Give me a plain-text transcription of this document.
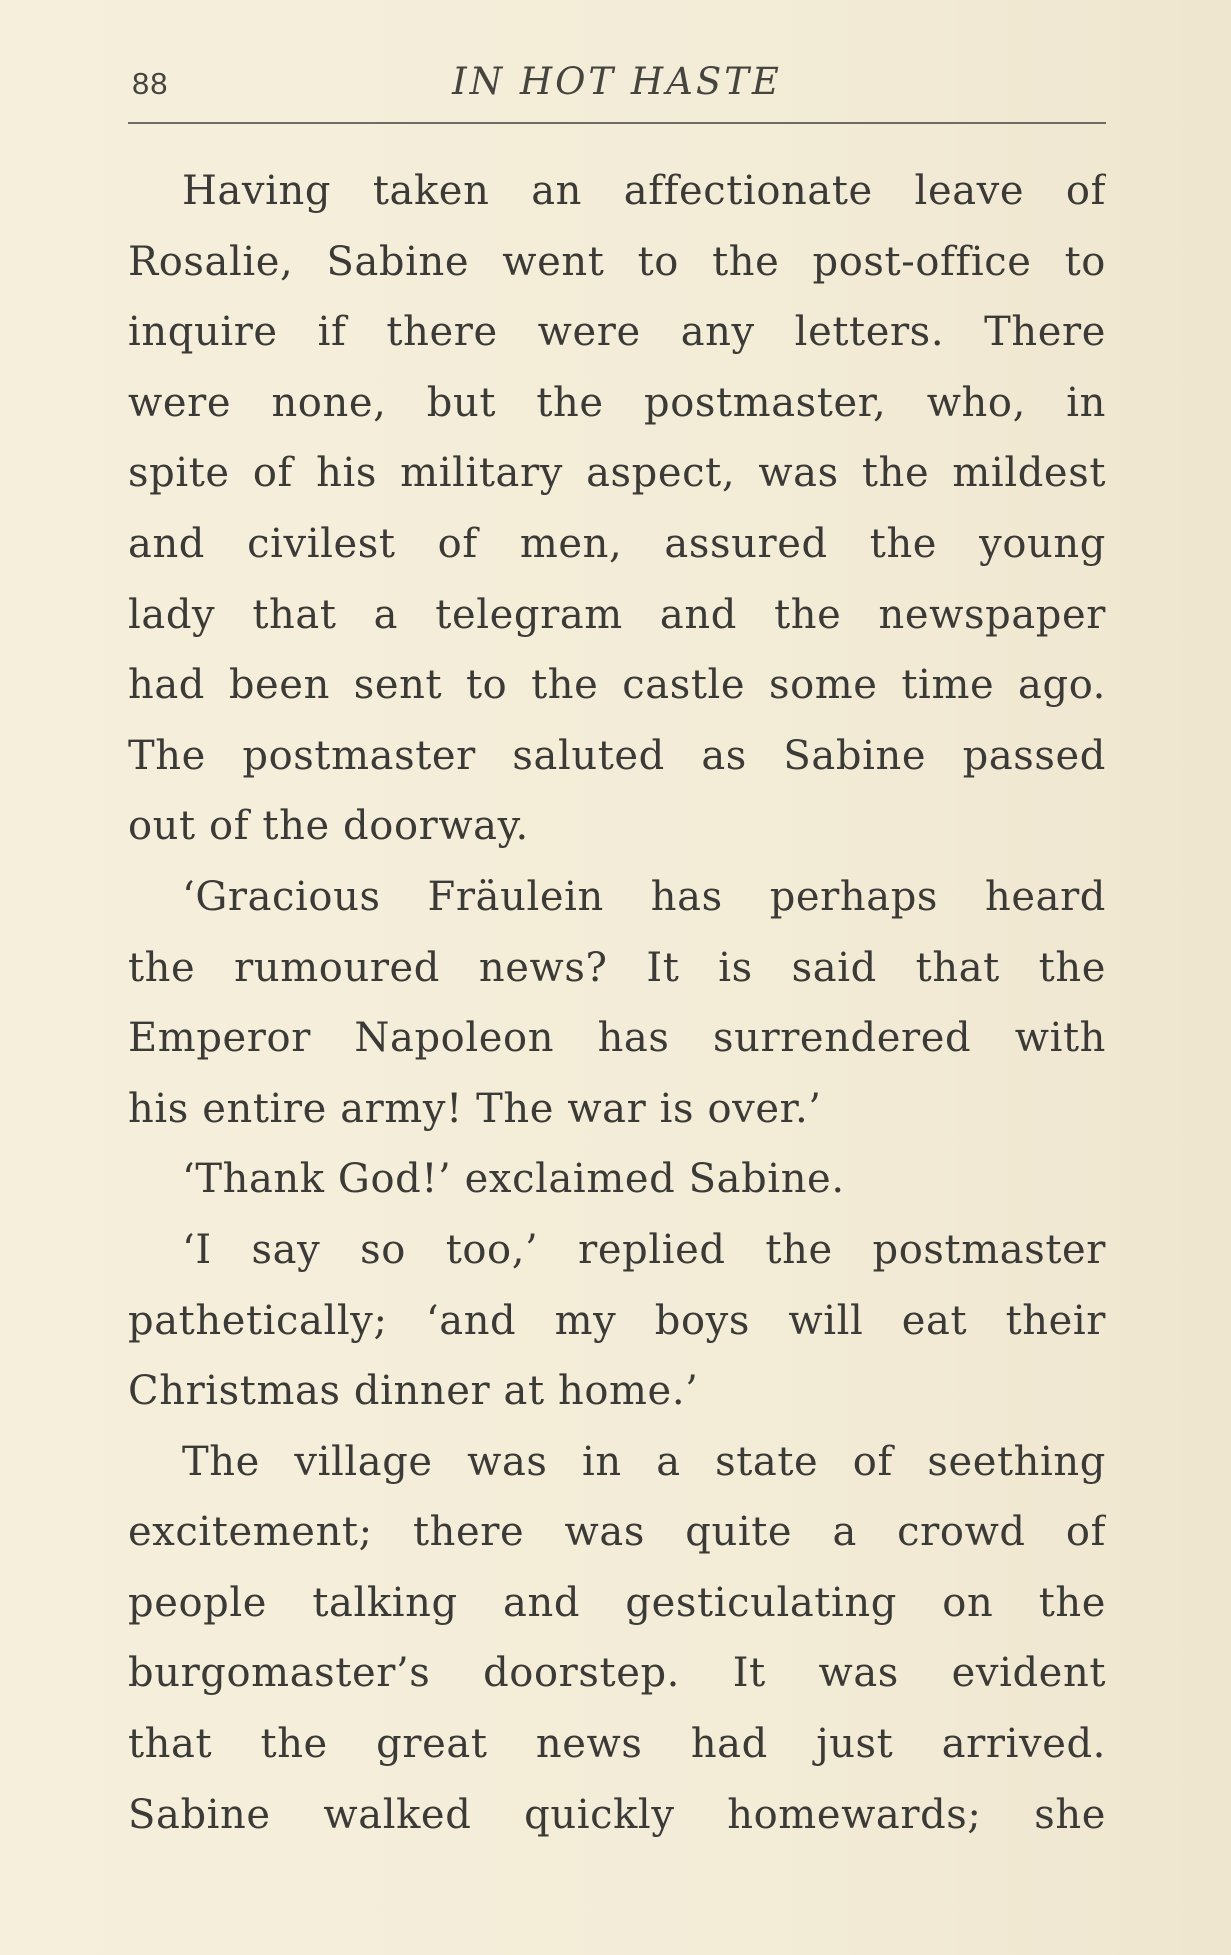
88	IN HOT HASTE
Having taken an affectionate leave of
Rosalie, Sabine went to the post-office to
inquire if there were any letters. There
were none, but the postmaster, who, in
spite of his military aspect, was the mildest
and civilest of men, assured the young
lady that a telegram and the newspaper
had been sent to the castle some time ago.
The postmaster saluted as Sabine passed
out of the doorway.
‘Gracious Fräulein has perhaps heard
the rumoured news? It is said that the
Emperor Napoleon has surrendered with
his entire army! The war is over.’
‘Thank God!’ exclaimed Sabine.
‘I say so too,’ replied the postmaster
pathetically; ‘and my boys will eat their
Christmas dinner at home.’
The village was in a state of seething
excitement; there was quite a crowd of
people talking and gesticulating on the
burgomaster’s doorstep. It was evident
that the great news had just arrived.
Sabine walked quickly homewards; she
